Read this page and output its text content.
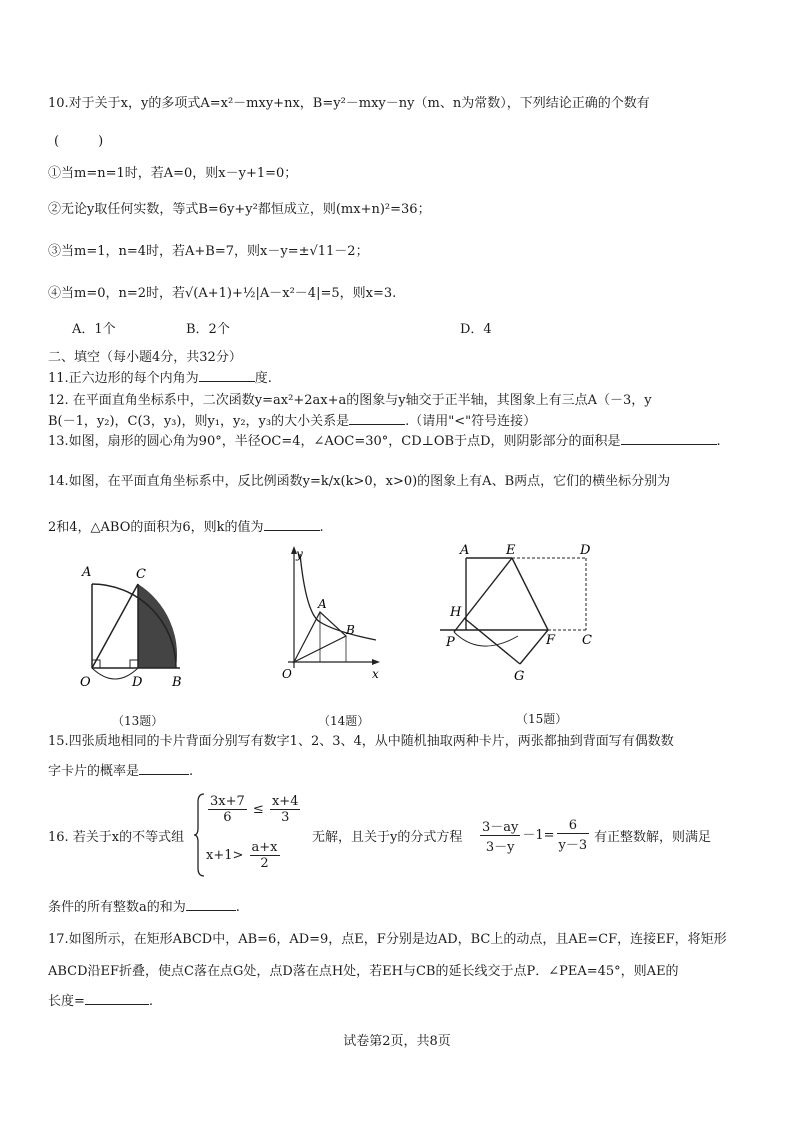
10.对于关于x，y的多项式A=x²－mxy+nx，B=y²－mxy－ny（m、n为常数），下列结论正确的个数有
(　　　)
①当m=n=1时，若A=0，则x－y+1=0；
②无论y取任何实数，等式B=6y+y²都恒成立，则(mx+n)²=36；
③当m=1，n=4时，若A+B=7，则x－y=±√11－2；
④当m=0，n=2时，若√(A+1)+½|A－x²－4|=5，则x=3.
A．1个	B．2个	D．4
二、填空（每小题4分，共32分）
11.正六边形的每个内角为	度.
12. 在平面直角坐标系中，二次函数y=ax²+2ax+a的图象与y轴交于正半轴，其图象上有三点A（－3，y
B(－1，y₂)，C(3，y₃)，则y₁，y₂，y₃的大小关系是	.（请用"<"符号连接）
13.如图，扇形的圆心角为90°，半径OC=4，∠AOC=30°，CD⊥OB于点D，则阴影部分的面积是	.
14.如图，在平面直角坐标系中，反比例函数y=k/x(k>0，x>0)的图象上有A、B两点，它们的横坐标分别为
2和4，△ABO的面积为6，则k的值为	.
A	C
O	D B
y
A
B
O	x
A	E	D
H
P	F C
G
（13题）	（14题）	（15题）
15.四张质地相同的卡片背面分别写有数字1、2、3、4，从中随机抽取两种卡片，两张都抽到背面写有偶数数
字卡片的概率是	.
16. 若关于x的不等式组
$\frac{3x+7}{6} \le \frac{x+4}{3}$
$x+1> \frac{a+x}{2}$
无解，且关于y的分式方程 $\frac{3-ay}{3-y} -1= \frac{6}{y-3}$ 有正整数解，则满足
条件的所有整数a的和为	.
17.如图所示，在矩形ABCD中，AB=6，AD=9，点E，F分别是边AD，BC上的动点，且AE=CF，连接EF，将矩形
ABCD沿EF折叠，使点C落在点G处，点D落在点H处，若EH与CB的延长线交于点P．∠PEA=45°，则AE的
长度=	.
试卷第2页，共8页
